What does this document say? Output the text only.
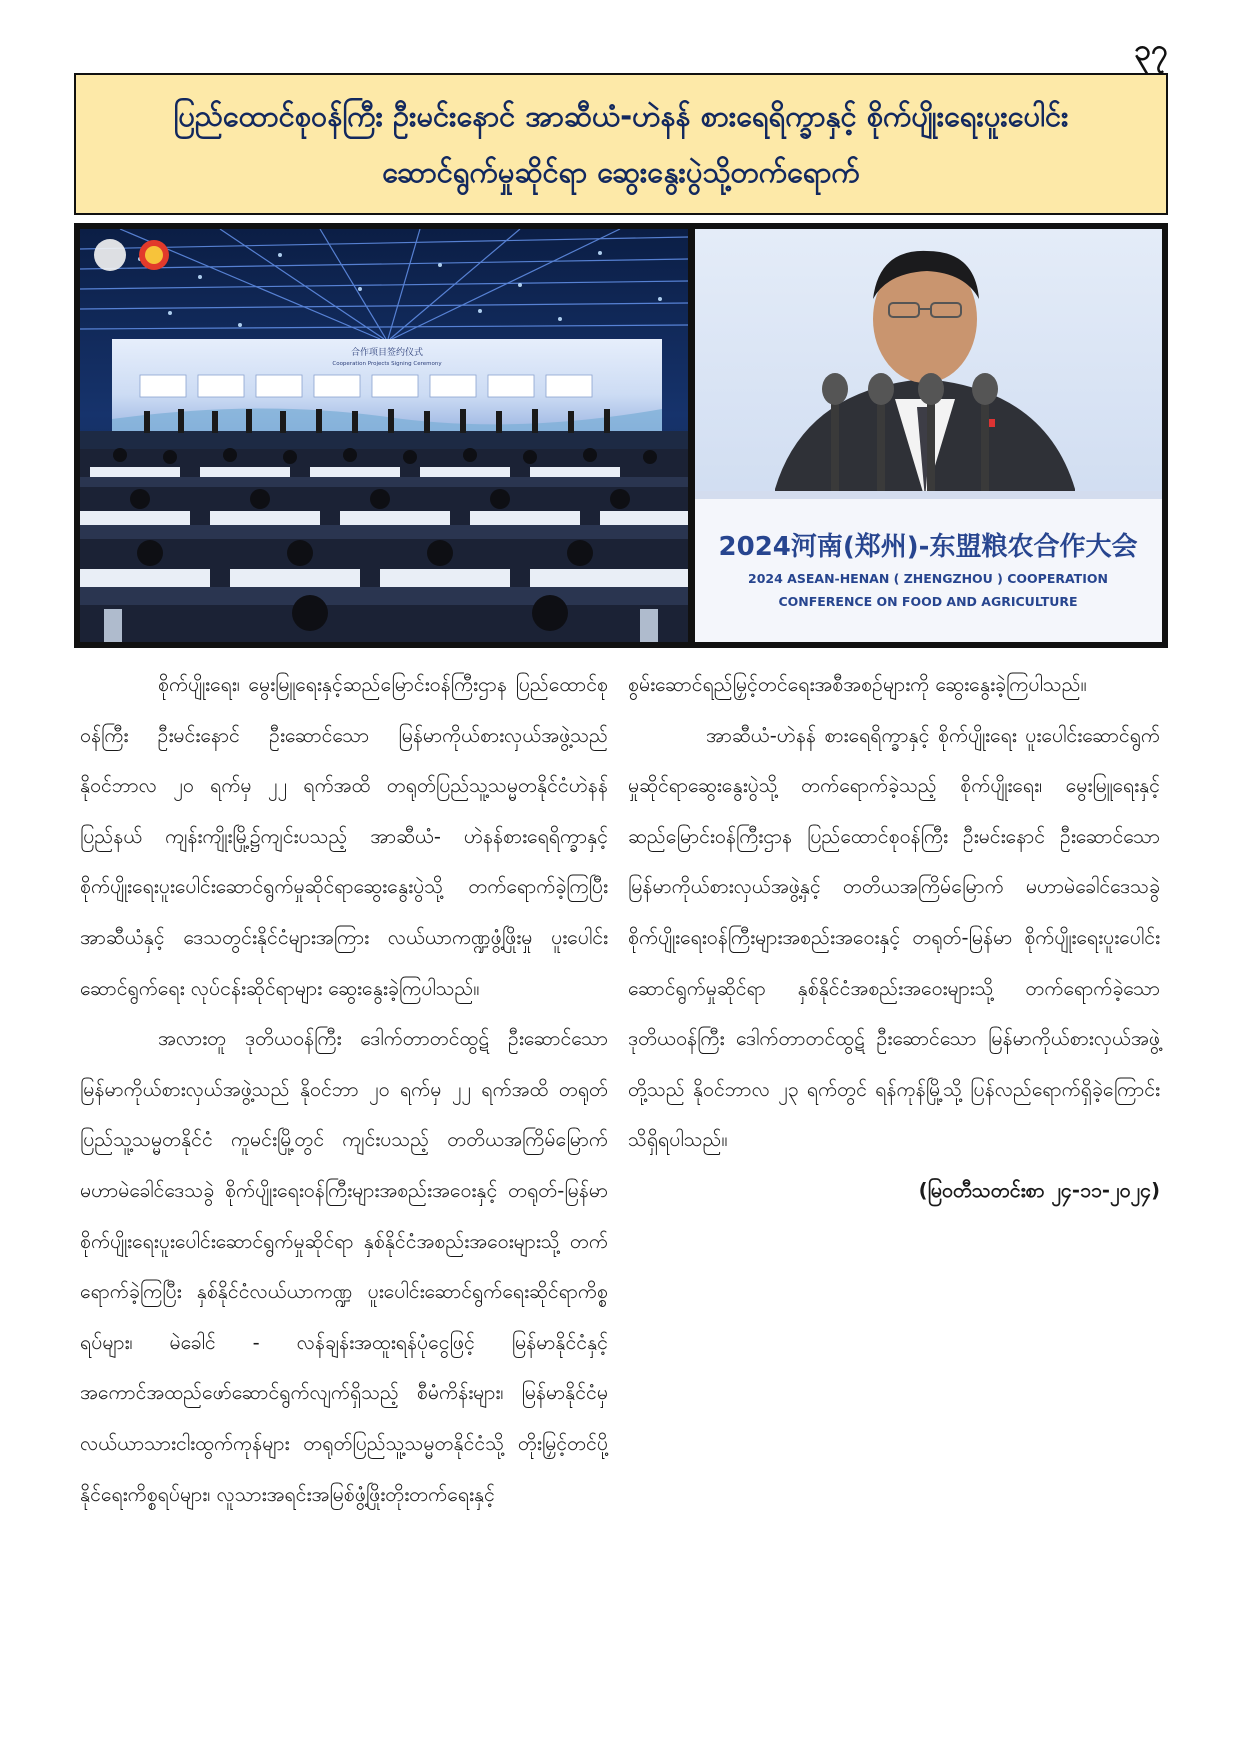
၃၇
ပြည်ထောင်စုဝန်ကြီး ဦးမင်းနောင် အာဆီယံ-ဟဲနန် စားရေရိက္ခာနှင့် စိုက်ပျိုးရေးပူးပေါင်း
ဆောင်ရွက်မှုဆိုင်ရာ ဆွေးနွေးပွဲသို့တက်ရောက်
合作项目签约仪式
Cooperation Projects Signing Ceremony
2024河南(郑州)-东盟粮农合作大会
2024 ASEAN-HENAN ( ZHENGZHOU ) COOPERATION
CONFERENCE ON FOOD AND AGRICULTURE

စိုက်ပျိုးရေး၊ မွေးမြူရေးနှင့်ဆည်မြောင်းဝန်ကြီးဌာန ပြည်ထောင်စုဝန်ကြီး ဦးမင်းနောင် ဦးဆောင်သော မြန်မာကိုယ်စားလှယ်အဖွဲ့သည် နိုဝင်ဘာလ ၂၀ ရက်မှ ၂၂ ရက်အထိ တရုတ်ပြည်သူ့သမ္မတနိုင်ငံဟဲနန်ပြည်နယ် ကျန်းကျိုးမြို့၌ကျင်းပသည့် အာဆီယံ- ဟဲနန်စားရေရိက္ခာနှင့် စိုက်ပျိုးရေးပူးပေါင်းဆောင်ရွက်မှုဆိုင်ရာဆွေးနွေးပွဲသို့ တက်ရောက်ခဲ့ကြပြီး အာဆီယံနှင့် ဒေသတွင်းနိုင်ငံများအကြား လယ်ယာကဏ္ဍဖွံ့ဖြိုးမှု ပူးပေါင်းဆောင်ရွက်ရေး လုပ်ငန်းဆိုင်ရာများ ဆွေးနွေးခဲ့ကြပါသည်။

အလားတူ ဒုတိယဝန်ကြီး ဒေါက်တာတင်ထွဋ် ဦးဆောင်သော မြန်မာကိုယ်စားလှယ်အဖွဲ့သည် နိုဝင်ဘာ ၂၀ ရက်မှ ၂၂ ရက်အထိ တရုတ်ပြည်သူ့သမ္မတနိုင်ငံ ကူမင်းမြို့တွင် ကျင်းပသည့် တတိယအကြိမ်မြောက် မဟာမဲခေါင်ဒေသခွဲ စိုက်ပျိုးရေးဝန်ကြီးများအစည်းအဝေးနှင့် တရုတ်-မြန်မာ စိုက်ပျိုးရေးပူးပေါင်းဆောင်ရွက်မှုဆိုင်ရာ နှစ်နိုင်ငံအစည်းအဝေးများသို့ တက်ရောက်ခဲ့ကြပြီး နှစ်နိုင်ငံလယ်ယာကဏ္ဍ ပူးပေါင်းဆောင်ရွက်ရေးဆိုင်ရာကိစ္စရပ်များ၊ မဲခေါင် - လန်ချန်းအထူးရန်ပုံငွေဖြင့် မြန်မာနိုင်ငံနှင့် အကောင်အထည်ဖော်ဆောင်ရွက်လျက်ရှိသည့် စီမံကိန်းများ၊ မြန်မာနိုင်ငံမှ လယ်ယာသားငါးထွက်ကုန်များ တရုတ်ပြည်သူ့သမ္မတနိုင်ငံသို့ တိုးမြှင့်တင်ပို့နိုင်ရေးကိစ္စရပ်များ၊ လူသားအရင်းအမြစ်ဖွံ့ဖြိုးတိုးတက်ရေးနှင့်

စွမ်းဆောင်ရည်မြှင့်တင်ရေးအစီအစဉ်များကို ဆွေးနွေးခဲ့ကြပါသည်။

အာဆီယံ-ဟဲနန် စားရေရိက္ခာနှင့် စိုက်ပျိုးရေး ပူးပေါင်းဆောင်ရွက်မှုဆိုင်ရာဆွေးနွေးပွဲသို့ တက်ရောက်ခဲ့သည့် စိုက်ပျိုးရေး၊ မွေးမြူရေးနှင့်ဆည်မြောင်းဝန်ကြီးဌာန ပြည်ထောင်စုဝန်ကြီး ဦးမင်းနောင် ဦးဆောင်သော မြန်မာကိုယ်စားလှယ်အဖွဲ့နှင့် တတိယအကြိမ်မြောက် မဟာမဲခေါင်ဒေသခွဲ စိုက်ပျိုးရေးဝန်ကြီးများအစည်းအဝေးနှင့် တရုတ်-မြန်မာ စိုက်ပျိုးရေးပူးပေါင်းဆောင်ရွက်မှုဆိုင်ရာ နှစ်နိုင်ငံအစည်းအဝေးများသို့ တက်ရောက်ခဲ့သော ဒုတိယဝန်ကြီး ဒေါက်တာတင်ထွဋ် ဦးဆောင်သော မြန်မာကိုယ်စားလှယ်အဖွဲ့တို့သည် နိုဝင်ဘာလ ၂၃ ရက်တွင် ရန်ကုန်မြို့သို့ ပြန်လည်ရောက်ရှိခဲ့ကြောင်း သိရှိရပါသည်။

(မြဝတီသတင်းစာ ၂၄-၁၁-၂၀၂၄)
